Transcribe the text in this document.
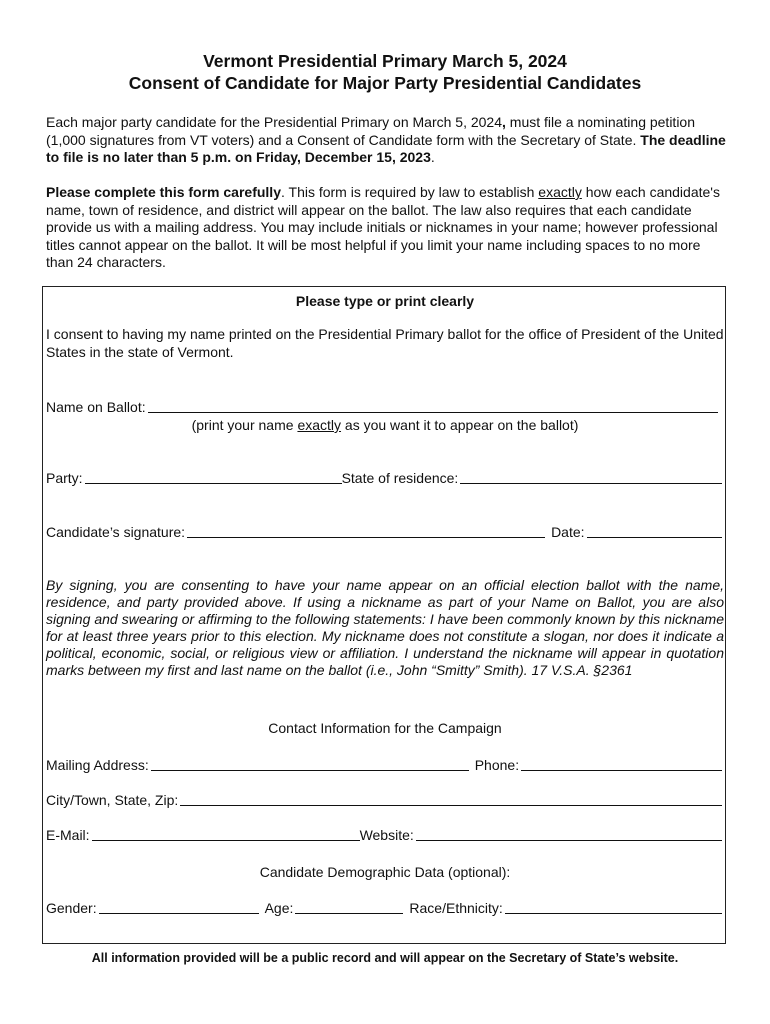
Vermont Presidential Primary March 5, 2024
Consent of Candidate for Major Party Presidential Candidates
Each major party candidate for the Presidential Primary on March 5, 2024, must file a nominating petition (1,000 signatures from VT voters) and a Consent of Candidate form with the Secretary of State. The deadline to file is no later than 5 p.m. on Friday, December 15, 2023.
Please complete this form carefully. This form is required by law to establish exactly how each candidate's name, town of residence, and district will appear on the ballot. The law also requires that each candidate provide us with a mailing address. You may include initials or nicknames in your name; however professional titles cannot appear on the ballot. It will be most helpful if you limit your name including spaces to no more than 24 characters.
Please type or print clearly
I consent to having my name printed on the Presidential Primary ballot for the office of President of the United States in the state of Vermont.
Name on Ballot:
(print your name exactly as you want it to appear on the ballot)
Party:	State of residence:
Candidate’s signature:	Date:
By signing, you are consenting to have your name appear on an official election ballot with the name, residence, and party provided above. If using a nickname as part of your Name on Ballot, you are also signing and swearing or affirming to the following statements: I have been commonly known by this nickname for at least three years prior to this election. My nickname does not constitute a slogan, nor does it indicate a political, economic, social, or religious view or affiliation. I understand the nickname will appear in quotation marks between my first and last name on the ballot (i.e., John “Smitty” Smith). 17 V.S.A. §2361
Contact Information for the Campaign
Mailing Address:	Phone:
City/Town, State, Zip:
E-Mail:	Website:
Candidate Demographic Data (optional):
Gender:	Age:	Race/Ethnicity:
All information provided will be a public record and will appear on the Secretary of State’s website.
